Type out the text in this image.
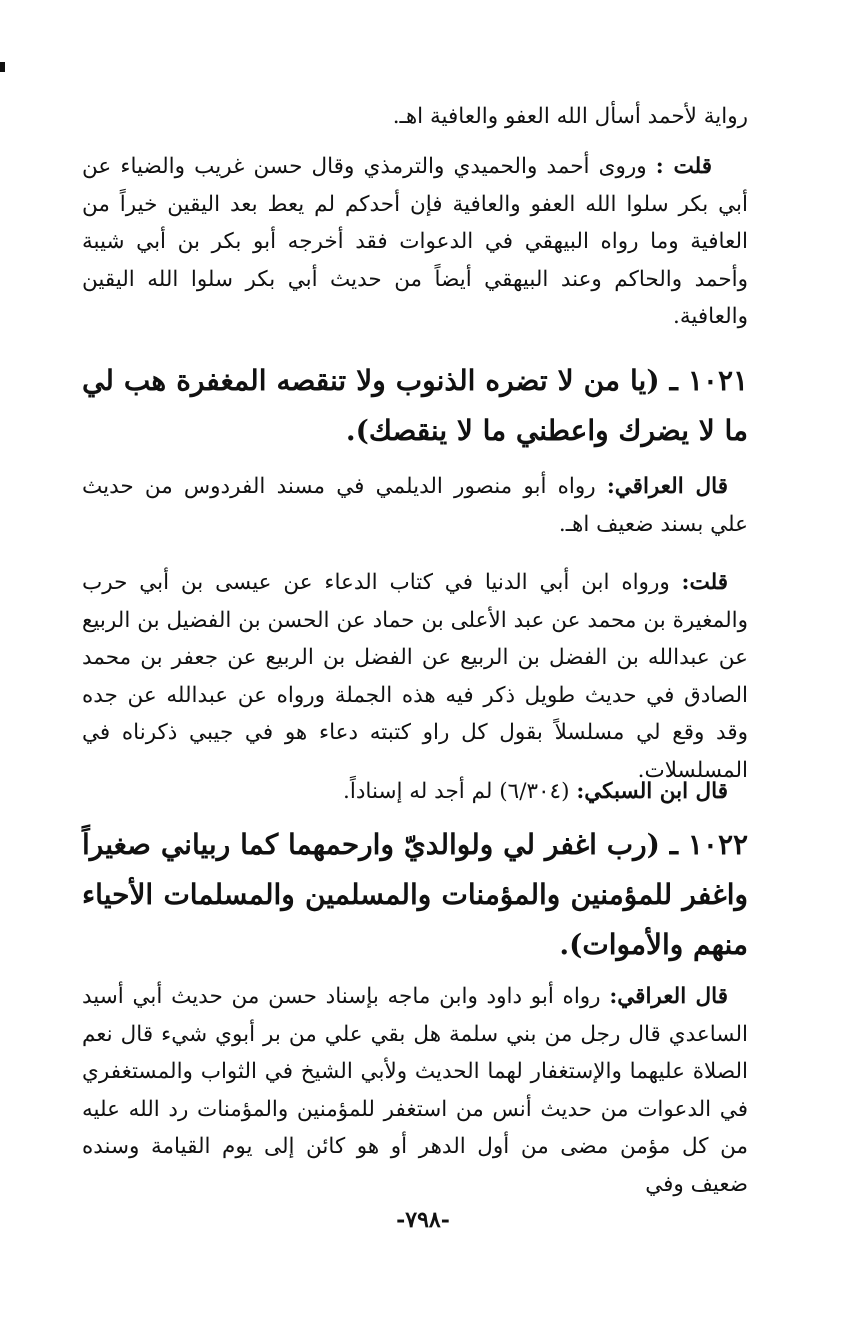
رواية لأحمد أسأل الله العفو والعافية اهـ.

قلت : وروى أحمد والحميدي والترمذي وقال حسن غريب والضياء عن أبي بكر سلوا الله العفو والعافية فإن أحدكم لم يعط بعد اليقين خيراً من العافية وما رواه البيهقي في الدعوات فقد أخرجه أبو بكر بن أبي شيبة وأحمد والحاكم وعند البيهقي أيضاً من حديث أبي بكر سلوا الله اليقين والعافية.

١٠٢١ ـ (يا من لا تضره الذنوب ولا تنقصه المغفرة هب لي ما لا يضرك واعطني ما لا ينقصك).

قال العراقي: رواه أبو منصور الديلمي في مسند الفردوس من حديث علي بسند ضعيف اهـ.

قلت: ورواه ابن أبي الدنيا في كتاب الدعاء عن عيسى بن أبي حرب والمغيرة بن محمد عن عبد الأعلى بن حماد عن الحسن بن الفضيل بن الربيع عن عبدالله بن الفضل بن الربيع عن الفضل بن الربيع عن جعفر بن محمد الصادق في حديث طويل ذكر فيه هذه الجملة ورواه عن عبدالله عن جده وقد وقع لي مسلسلاً بقول كل راو كتبته دعاء هو في جيبي ذكرناه في المسلسلات.

قال ابن السبكي: (٦/٣٠٤) لم أجد له إسناداً.

١٠٢٢ ـ (رب اغفر لي ولوالديّ وارحمهما كما ربياني صغيراً واغفر للمؤمنين والمؤمنات والمسلمين والمسلمات الأحياء منهم والأموات).

قال العراقي: رواه أبو داود وابن ماجه بإسناد حسن من حديث أبي أسيد الساعدي قال رجل من بني سلمة هل بقي علي من بر أبوي شيء قال نعم الصلاة عليهما والإستغفار لهما الحديث ولأبي الشيخ في الثواب والمستغفري في الدعوات من حديث أنس من استغفر للمؤمنين والمؤمنات رد الله عليه من كل مؤمن مضى من أول الدهر أو هو كائن إلى يوم القيامة وسنده ضعيف وفي

-٧٩٨-
